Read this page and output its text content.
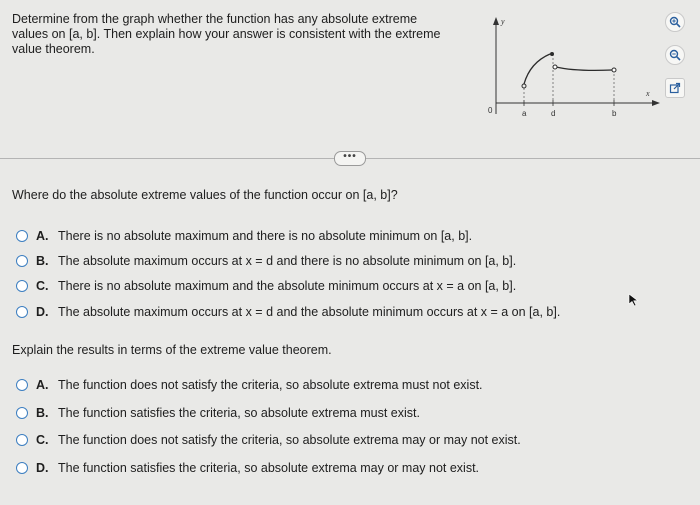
Determine from the graph whether the function has any absolute extreme values on [a, b]. Then explain how your answer is consistent with the extreme value theorem.
y
x
0	a	d	b
•••
Where do the absolute extreme values of the function occur on [a, b]?
A. There is no absolute maximum and there is no absolute minimum on [a, b].
B. The absolute maximum occurs at x = d and there is no absolute minimum on [a, b].
C. There is no absolute maximum and the absolute minimum occurs at x = a on [a, b].
D. The absolute maximum occurs at x = d and the absolute minimum occurs at x = a on [a, b].
Explain the results in terms of the extreme value theorem.
A. The function does not satisfy the criteria, so absolute extrema must not exist.
B. The function satisfies the criteria, so absolute extrema must exist.
C. The function does not satisfy the criteria, so absolute extrema may or may not exist.
D. The function satisfies the criteria, so absolute extrema may or may not exist.
